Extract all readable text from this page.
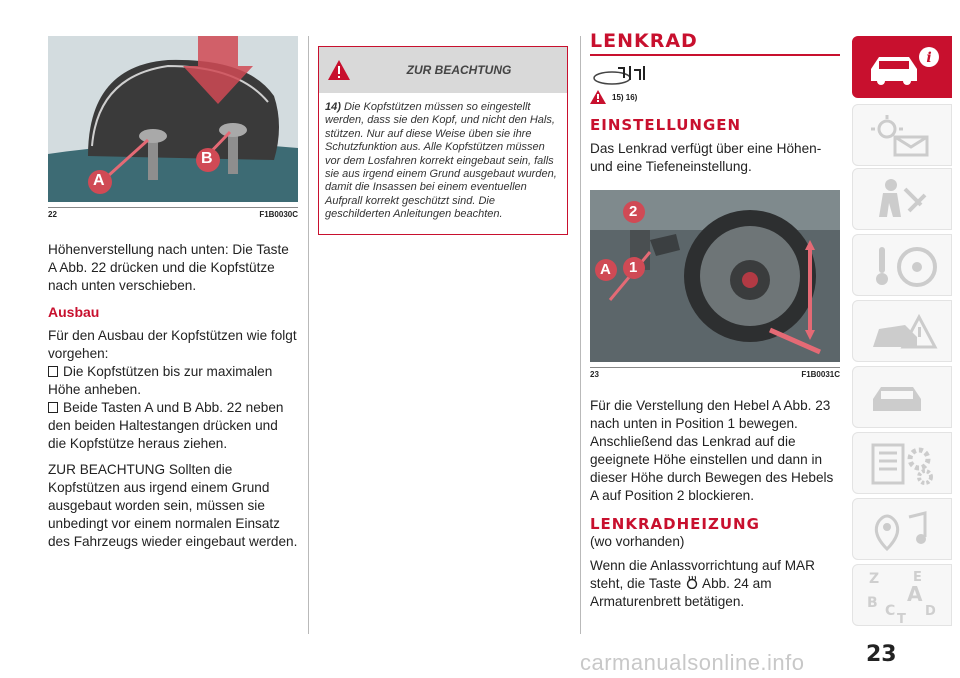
A
B
22	F1B0030C

Höhenverstellung nach unten: Die Taste A Abb. 22 drücken und die Kopfstütze nach unten verschieben.

Ausbau

Für den Ausbau der Kopfstützen wie folgt vorgehen:

Die Kopfstützen bis zur maximalen Höhe anheben.
Beide Tasten A und B Abb. 22 neben den beiden Haltestangen drücken und die Kopfstütze heraus ziehen.

ZUR BEACHTUNG Sollten die Kopfstützen aus irgend einem Grund ausgebaut worden sein, müssen sie unbedingt vor einem normalen Einsatz des Fahrzeugs wieder eingebaut werden.

ZUR BEACHTUNG
14) Die Kopfstützen müssen so eingestellt werden, dass sie den Kopf, und nicht den Hals, stützen. Nur auf diese Weise üben sie ihre Schutzfunktion aus. Alle Kopfstützen müssen vor dem Losfahren korrekt eingebaut sein, falls sie aus irgend einem Grund ausgebaut wurden, damit die Insassen bei einem eventuellen Aufprall korrekt geschützt sind. Die geschilderten Anleitungen beachten.
LENKRAD
15) 16)
EINSTELLUNGEN

Das Lenkrad verfügt über eine Höhen- und eine Tiefeneinstellung.

2
A 1
23	F1B0031C

Für die Verstellung den Hebel A Abb. 23 nach unten in Position 1 bewegen. Anschließend das Lenkrad auf die geeignete Höhe einstellen und dann in dieser Höhe durch Bewegen des Hebels A auf Position 2 blockieren.

LENKRADHEIZUNG
(wo vorhanden)

Wenn die Anlassvorrichtung auf MAR steht, die Taste Abb. 24 am Armaturenbrett betätigen.

i
Z	E
B A
C
T
D
23
carmanualsonline.info
